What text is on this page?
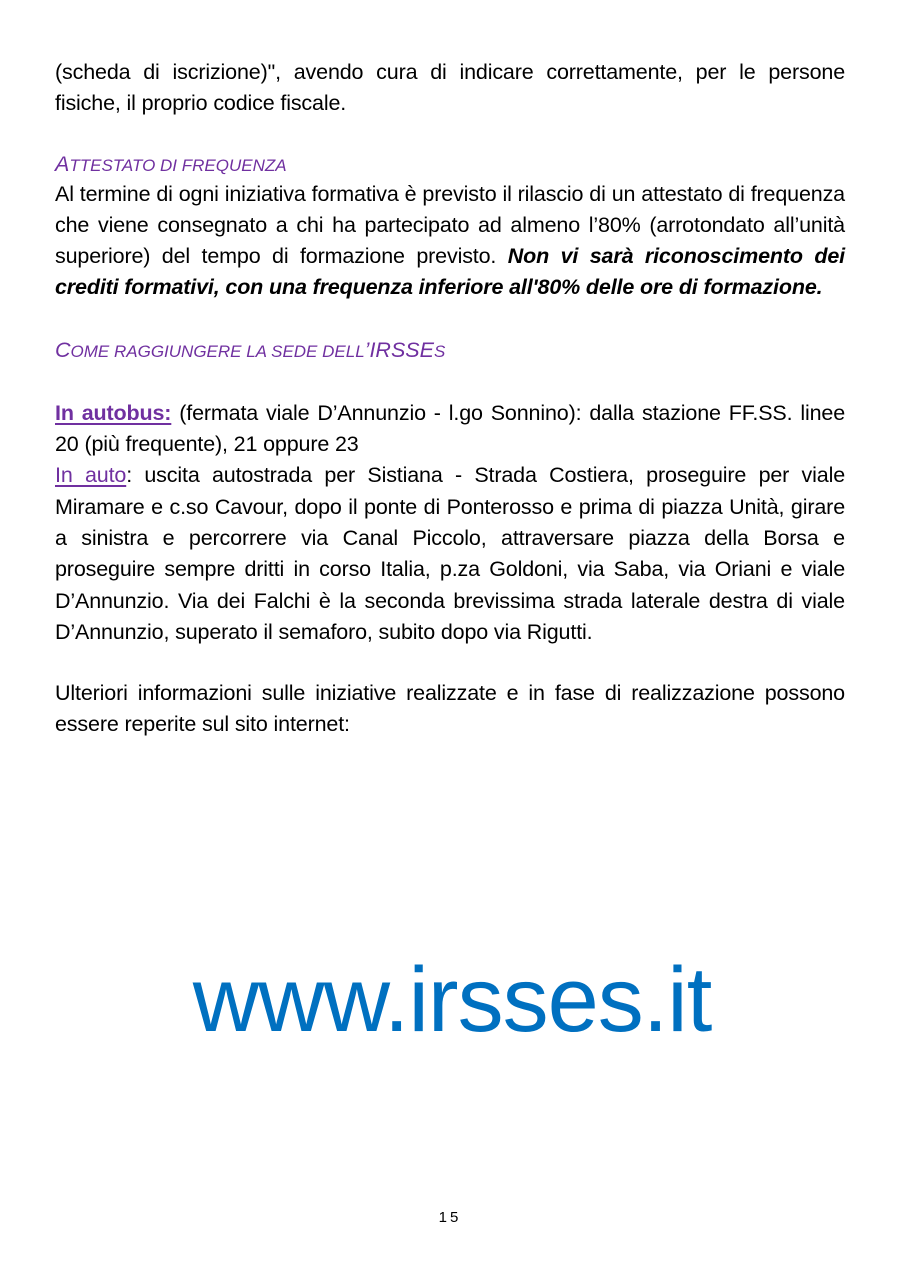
(scheda di iscrizione)", avendo cura di indicare correttamente, per le persone fisiche, il proprio codice fiscale.

ATTESTATO DI FREQUENZA

Al termine di ogni iniziativa formativa è previsto il rilascio di un attestato di frequenza che viene consegnato a chi ha partecipato ad almeno l’80% (arrotondato all’unità superiore) del tempo di formazione previsto. Non vi sarà riconoscimento dei crediti formativi, con una frequenza inferiore all'80% delle ore di formazione.

COME RAGGIUNGERE LA SEDE DELL’IRSSES

In autobus: (fermata viale D’Annunzio - l.go Sonnino): dalla stazione FF.SS. linee 20 (più frequente), 21 oppure 23

In auto: uscita autostrada per Sistiana - Strada Costiera, proseguire per viale Miramare e c.so Cavour, dopo il ponte di Ponterosso e prima di piazza Unità, girare a sinistra e percorrere via Canal Piccolo, attraversare piazza della Borsa e proseguire sempre dritti in corso Italia, p.za Goldoni, via Saba, via Oriani e viale D’Annunzio. Via dei Falchi è la seconda brevissima strada laterale destra di viale D’Annunzio, superato il semaforo, subito dopo via Rigutti.

Ulteriori informazioni sulle iniziative realizzate e in fase di realizzazione possono essere reperite sul sito internet:

www.irsses.it

15
